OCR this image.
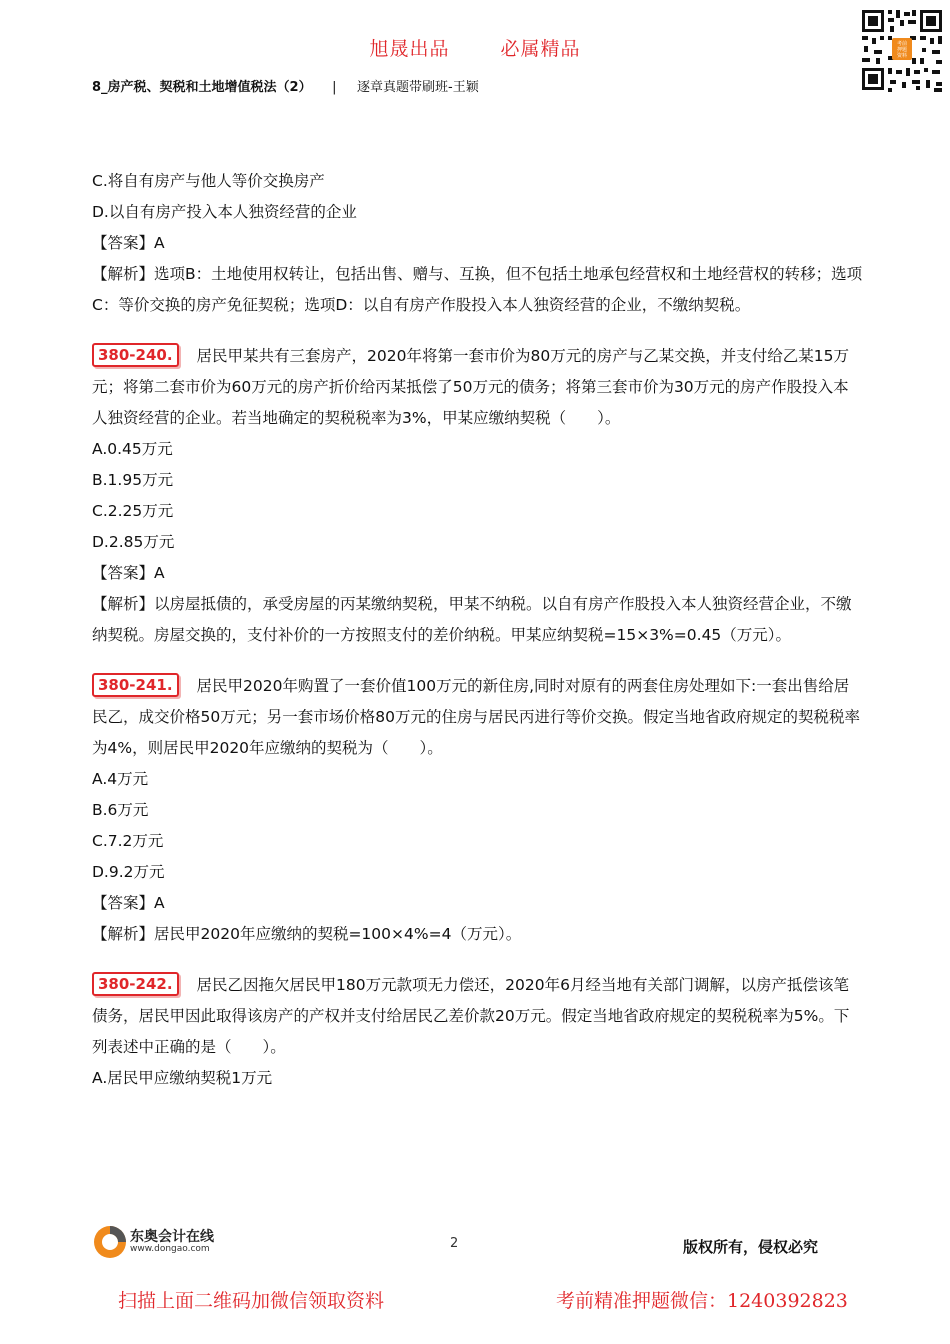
旭晟出品	必属精品
8_房产税、契税和土地增值税法（2） | 逐章真题带刷班-王颖
考前
押题
资料

C.将自有房产与他人等价交换房产

D.以自有房产投入本人独资经营的企业

【答案】A

【解析】选项B：土地使用权转让，包括出售、赠与、互换，但不包括土地承包经营权和土地经营权的转移；选项C：等价交换的房产免征契税；选项D：以自有房产作股投入本人独资经营的企业，不缴纳契税。

380-240. 居民甲某共有三套房产，2020年将第一套市价为80万元的房产与乙某交换，并支付给乙某15万元；将第二套市价为60万元的房产折价给丙某抵偿了50万元的债务；将第三套市价为30万元的房产作股投入本人独资经营的企业。若当地确定的契税税率为3%，甲某应缴纳契税（　　）。

A.0.45万元

B.1.95万元

C.2.25万元

D.2.85万元

【答案】A

【解析】以房屋抵债的，承受房屋的丙某缴纳契税，甲某不纳税。以自有房产作股投入本人独资经营企业，不缴纳契税。房屋交换的，支付补价的一方按照支付的差价纳税。甲某应纳契税=15×3%=0.45（万元）。

380-241. 居民甲2020年购置了一套价值100万元的新住房,同时对原有的两套住房处理如下:一套出售给居民乙，成交价格50万元；另一套市场价格80万元的住房与居民丙进行等价交换。假定当地省政府规定的契税税率为4%，则居民甲2020年应缴纳的契税为（　　）。

A.4万元

B.6万元

C.7.2万元

D.9.2万元

【答案】A

【解析】居民甲2020年应缴纳的契税=100×4%=4（万元）。

380-242. 居民乙因拖欠居民甲180万元款项无力偿还，2020年6月经当地有关部门调解，以房产抵偿该笔债务，居民甲因此取得该房产的产权并支付给居民乙差价款20万元。假定当地省政府规定的契税税率为5%。下列表述中正确的是（　　）。

A.居民甲应缴纳契税1万元

东奥会计在线
www.dongao.com	2	版权所有，侵权必究
扫描上面二维码加微信领取资料	考前精准押题微信：1240392823
